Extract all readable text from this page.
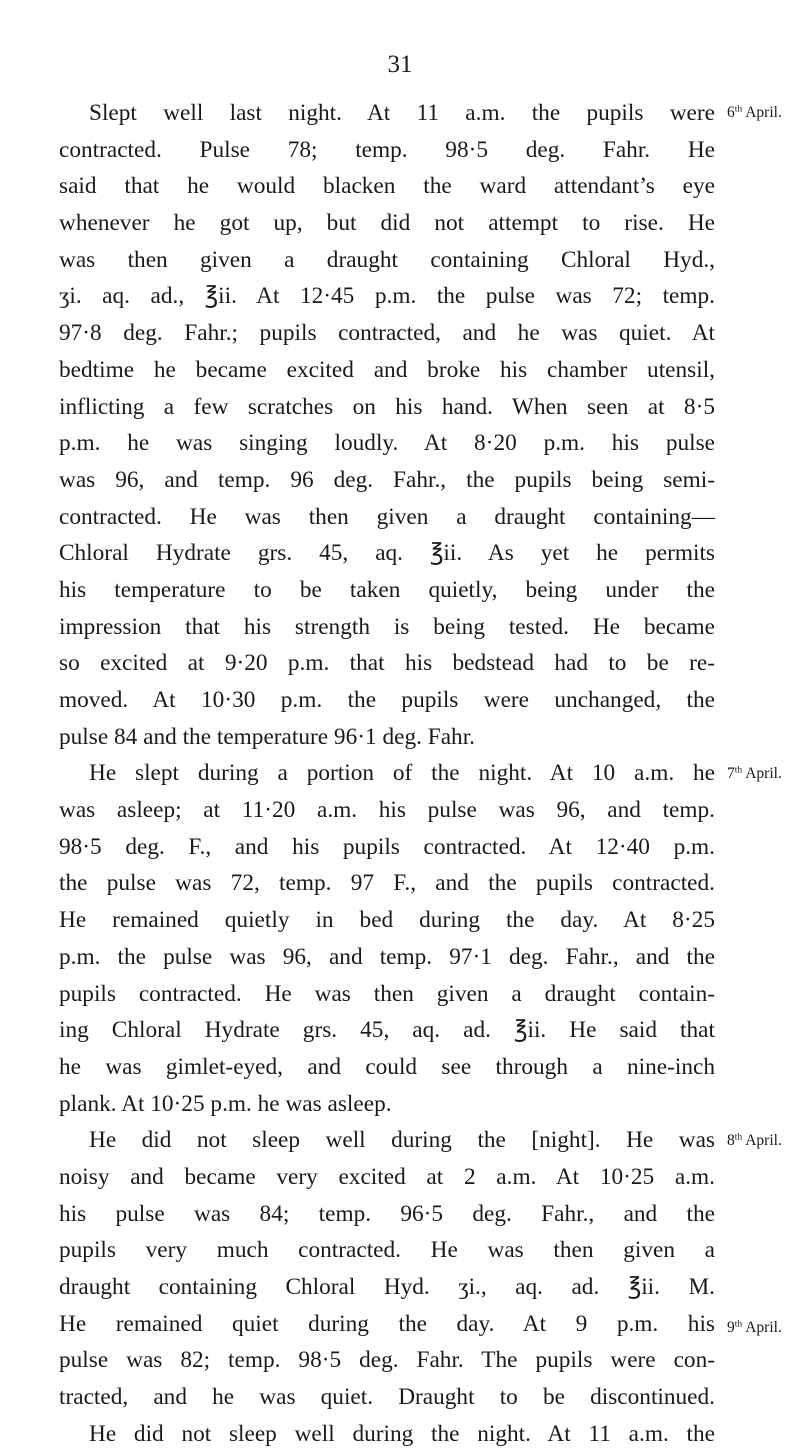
31
Slept well last night. At 11 a.m. the pupils were
contracted. Pulse 78; temp. 98·5 deg. Fahr. He
said that he would blacken the ward attendant’s eye
whenever he got up, but did not attempt to rise. He
was then given a draught containing Chloral Hyd.,
ʒi. aq. ad., ℥ii. At 12·45 p.m. the pulse was 72; temp.
97·8 deg. Fahr.; pupils contracted, and he was quiet. At
bedtime he became excited and broke his chamber utensil,
inflicting a few scratches on his hand. When seen at 8·5
p.m. he was singing loudly. At 8·20 p.m. his pulse
was 96, and temp. 96 deg. Fahr., the pupils being semi-
contracted. He was then given a draught containing—
Chloral Hydrate grs. 45, aq. ℥ii. As yet he permits
his temperature to be taken quietly, being under the
impression that his strength is being tested. He became
so excited at 9·20 p.m. that his bedstead had to be re-
moved. At 10·30 p.m. the pupils were unchanged, the
pulse 84 and the temperature 96·1 deg. Fahr.
He slept during a portion of the night. At 10 a.m. he
was asleep; at 11·20 a.m. his pulse was 96, and temp.
98·5 deg. F., and his pupils contracted. At 12·40 p.m.
the pulse was 72, temp. 97 F., and the pupils contracted.
He remained quietly in bed during the day. At 8·25
p.m. the pulse was 96, and temp. 97·1 deg. Fahr., and the
pupils contracted. He was then given a draught contain-
ing Chloral Hydrate grs. 45, aq. ad. ℥ii. He said that
he was gimlet-eyed, and could see through a nine-inch
plank. At 10·25 p.m. he was asleep.
He did not sleep well during the [night]. He was
noisy and became very excited at 2 a.m. At 10·25 a.m.
his pulse was 84; temp. 96·5 deg. Fahr., and the
pupils very much contracted. He was then given a
draught containing Chloral Hyd. ʒi., aq. ad. ℥ii. M.
He remained quiet during the day. At 9 p.m. his
pulse was 82; temp. 98·5 deg. Fahr. The pupils were con-
tracted, and he was quiet. Draught to be discontinued.
He did not sleep well during the night. At 11 a.m. the
6th April.
7th April.
8th April.
9th April.
